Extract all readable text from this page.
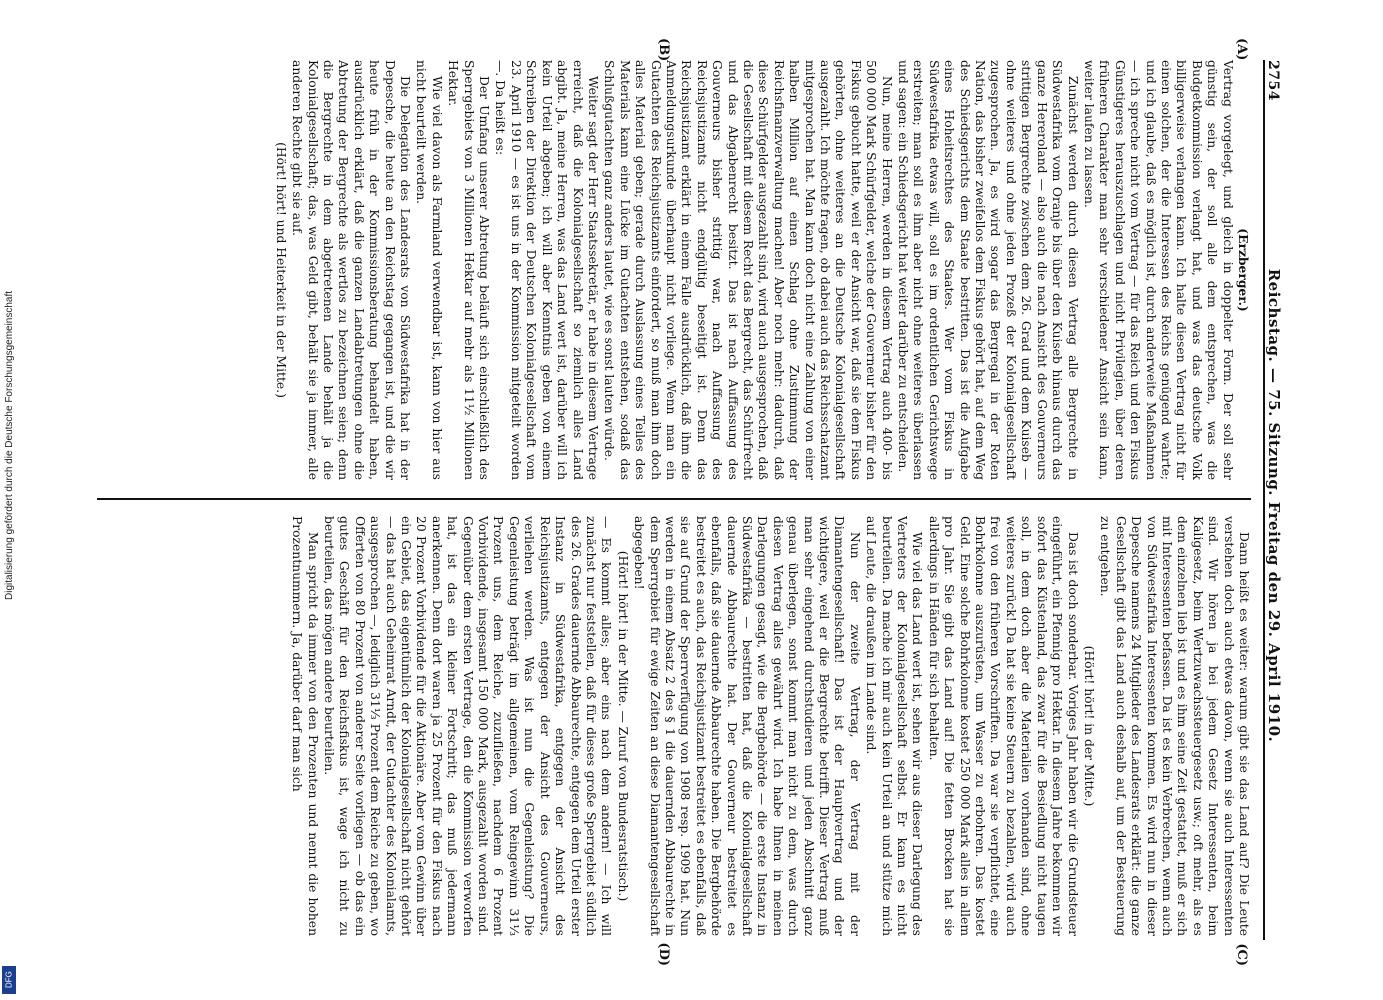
2754
Reichstag. — 75. Sitzung. Freitag den 29. April 1910.
(A)
(B)
(C)
(D)

(Erzberger.)

Vertrag vorgelegt, und gleich in doppelter Form. Der soll sehr günstig sein, der soll alle dem entsprechen, was die Budgetkommission verlangt hat, und was das deutsche Volk billigerweise verlangen kann. Ich halte diesen Vertrag nicht für einen solchen, der die Interessen des Reichs genügend wahrte; und ich glaube, daß es möglich ist, durch anderweite Maßnahmen — ich spreche nicht vom Vertrag — für das Reich und den Fiskus Günstigeres herauszuschlagen und nicht Privilegien, über deren früheren Charakter man sehr verschiedener Ansicht sein kann, weiter laufen zu lassen.

Zunächst werden durch diesen Vertrag alle Bergrechte in Südwestafrika vom Oranje bis über den Kuiseb hinaus durch das ganze Hereroland — also auch die nach Ansicht des Gouverneurs strittigen Bergrechte zwischen dem 26. Grad und dem Kuiseb — ohne weiteres und ohne jeden Prozeß der Kolonialgesellschaft zugesprochen. Ja, es wird sogar das Bergregal in der Roten Nation, das bisher zweifellos dem Fiskus gehört hat, auf dem Weg des Schiedsgerichts dem Staate bestritten. Das ist die Aufgabe eines Hoheitsrechtes des Staates. Wer vom Fiskus in Südwestafrika etwas will, soll es im ordentlichen Gerichtswege erstreiten; man soll es ihm aber nicht ohne weiteres überlassen und sagen: ein Schiedsgericht hat weiter darüber zu entscheiden.

Nun, meine Herren, werden in diesem Vertrag auch 400- bis 500 000 Mark Schürfgelder, welche der Gouverneur bisher für den Fiskus gebucht hatte, weil er der Ansicht war, daß sie dem Fiskus gehörten, ohne weiteres an die Deutsche Kolonialgesellschaft ausgezahlt. Ich möchte fragen, ob dabei auch das Reichsschatzamt mitgesprochen hat. Man kann doch nicht eine Zahlung von einer halben Million auf einen Schlag ohne Zustimmung der Reichsfinanzverwaltung machen! Aber noch mehr: dadurch, daß diese Schürfgelder ausgezahlt sind, wird auch ausgesprochen, daß die Gesellschaft mit diesem Recht das Bergrecht, das Schürfrecht und das Abgabenrecht besitzt. Das ist nach Auffassung des Gouverneurs bisher strittig war, nach Auffassung des Reichsjustizamts nicht endgültig beseitigt ist. Denn das Reichsjustizamt erklärt in einem Falle ausdrücklich, daß ihm die Anmeldungsurkunde überhaupt nicht vorliege. Wenn man ein Gutachten des Reichsjustizamts einfordert, so muß man ihm doch alles Material geben; gerade durch Auslassung eines Teiles des Materials kann eine Lücke im Gutachten entstehen, sodaß das Schlußgutachten ganz anders lautet, wie es sonst lauten würde.

Weiter sagt der Herr Staatssekretär, er habe in diesem Vertrage erreicht, daß die Kolonialgesellschaft so ziemlich alles Land abgibt. Ja, meine Herren, was das Land wert ist, darüber will ich kein Urteil abgeben; ich will aber Kenntnis geben von einem Schreiben der Direktion der Deutschen Kolonialgesellschaft vom 23. April 1910 — es ist uns in der Kommission mitgeteilt worden —. Da heißt es:

Der Umfang unserer Abtretung beläuft sich einschließlich des Sperrgebiets von 3 Millionen Hektar auf mehr als 11½ Millionen Hektar.

Wie viel davon als Farmland verwendbar ist, kann von hier aus nicht beurteilt werden.

Die Delegation des Landesrats von Südwestafrika hat in der Depesche, die heute an den Reichstag gegangen ist, und die wir heute früh in der Kommissionsberatung behandelt haben, ausdrücklich erklärt, daß die ganzen Landabtretungen ohne die Abtretung der Bergrechte als wertlos zu bezeichnen seien; denn die Bergrechte in dem abgetretenen Lande behält ja die Kolonialgesellschaft; das, was Geld gibt, behält sie ja immer, alle anderen Rechte gibt sie auf.

(Hört! hört! und Heiterkeit in der Mitte.)

Dann heißt es weiter: warum gibt sie das Land auf? Die Leute verstehen doch auch etwas davon, wenn sie auch Interessenten sind. Wir hören ja bei jedem Gesetz Interessenten, beim Kaligesetz, beim Wertzuwachssteuergesetz usw.; oft mehr, als es dem einzelnen lieb ist und es ihm seine Zeit gestattet, muß er sich mit Interessenten befassen. Da ist es kein Verbrechen, wenn auch von Südwestafrika Interessenten kommen. Es wird nun in dieser Depesche namens 24 Mitglieder des Landesrats erklärt: die ganze Gesellschaft gibt das Land auch deshalb auf, um der Besteuerung zu entgehen.

(Hört! hört! in der Mitte.)

Das ist doch sonderbar. Voriges Jahr haben wir die Grundsteuer eingeführt, ein Pfennig pro Hektar. In diesem Jahre bekommen wir sofort das Küstenland, das zwar für die Besiedlung nicht taugen soll, in dem doch aber die Materialien vorhanden sind, ohne weiteres zurück! Da hat sie keine Steuern zu bezahlen, wird auch frei von den früheren Vorschriften. Da war sie verpflichtet, eine Bohrkolonne auszurüsten, um Wasser zu erbohren. Das kostet Geld. Eine solche Bohrkolonne kostet 250 000 Mark alles in allem pro Jahr. Sie gibt das Land auf! Die fetten Brocken hat sie allerdings in Händen für sich behalten.

Wie viel das Land wert ist, sehen wir aus dieser Darlegung des Vertreters der Kolonialgesellschaft selbst. Er kann es nicht beurteilen. Da mache ich mir auch kein Urteil an und stütze mich auf Leute, die draußen im Lande sind.

Nun der zweite Vertrag, der Vertrag mit der Diamantengesellschaft! Das ist der Hauptvertrag und der wichtigere, weil er die Bergrechte betrifft. Dieser Vertrag muß man sehr eingehend durchstudieren und jeden Abschnitt ganz genau überlegen, sonst kommt man nicht zu dem, was durch diesen Vertrag alles gewährt wird. Ich habe Ihnen in meinen Darlegungen gesagt, wie die Bergbehörde — die erste Instanz in Südwestafrika — bestritten hat, daß die Kolonialgesellschaft dauernde Abbaurechte hat. Der Gouverneur bestreitet es ebenfalls, daß sie dauernde Abbaurechte haben. Die Bergbehörde bestreitet es auch, das Reichsjustizamt bestreitet es ebenfalls, daß sie auf Grund der Sperrverfügung von 1908 resp. 1909 hat. Nun werden in einem Absatz 2 des § 1 die dauernden Abbaurechte in dem Sperrgebiet für ewige Zeiten an diese Diamantengesellschaft abgegeben!

(Hört! hört! in der Mitte. — Zuruf von Bundesratstisch.)

— Es kommt alles; aber eins nach dem andern! — Ich will zunächst nur feststellen, daß für dieses große Sperrgebiet südlich des 26. Grades dauernde Abbaurechte, entgegen dem Urteil erster Instanz in Südwestafrika, entgegen der Ansicht des Reichsjustizamts, entgegen der Ansicht des Gouverneurs, verliehen werden. Was ist nun die Gegenleistung? Die Gegenleistung beträgt im allgemeinen, vom Reingewinn 31⅓ Prozent uns, dem Reiche, zuzufließen, nachdem 6 Prozent Vorbividende, insgesamt 150 000 Mark, ausgezahlt worden sind. Gegenüber dem ersten Vertrage, den die Kommission verworfen hat, ist das ein kleiner Fortschritt; das muß jedermann anerkennen. Denn dort waren ja 25 Prozent für den Fiskus nach 20 Prozent Vorbividende für die Aktionäre. Aber vom Gewinn über ein Gebiet, das eigentümlich der Kolonialgesellschaft nicht gehört — das hat auch Geheimrat Arndt, der Gutachter des Kolonialamts, ausgesprochen —, lediglich 31⅓ Prozent dem Reiche zu geben, wo Offerten von 80 Prozent von anderer Seite vorliegen — ob das ein gutes Geschäft für den Reichsfiskus ist, wage ich nicht zu beurteilen, das mögen andere beurteilen.

Man spricht da immer von den Prozenten und nennt die hohen Prozentnummern. Ja, darüber darf man sich

Digitalisierung gefördert durch die Deutsche Forschungsgemeinschaft
DFG
